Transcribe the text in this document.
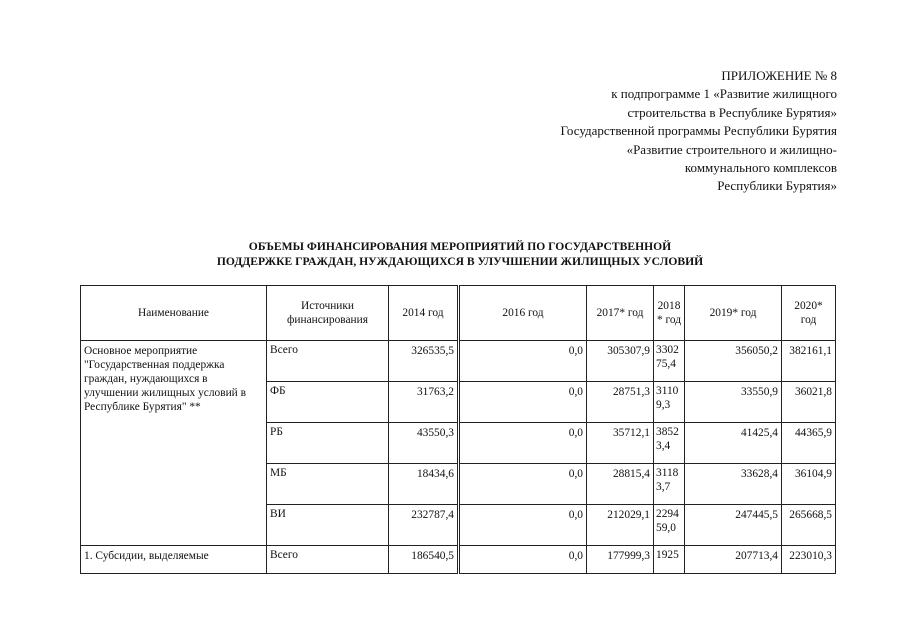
ПРИЛОЖЕНИЕ № 8
к подпрограмме 1 «Развитие жилищного
строительства в Республике Бурятия»
Государственной программы Республики Бурятия
«Развитие строительного и жилищно-
коммунального комплексов
Республики Бурятия»
ОБЪЕМЫ ФИНАНСИРОВАНИЯ МЕРОПРИЯТИЙ ПО ГОСУДАРСТВЕННОЙ
ПОДДЕРЖКЕ ГРАЖДАН, НУЖДАЮЩИХСЯ В УЛУЧШЕНИИ ЖИЛИЩНЫХ УСЛОВИЙ
Наименование	Источники финансирования	2014 год	2016 год	2017* год	2018 * год	2019* год	2020* год
Основное мероприятие "Государственная поддержка граждан, нуждающихся в улучшении жилищных условий в Республике Бурятия" **	Всего	326535,5	0,0	305307,9	330275,4	356050,2	382161,1
	ФБ	31763,2	0,0	28751,3	31109,3	33550,9	36021,8
	РБ	43550,3	0,0	35712,1	38523,4	41425,4	44365,9
	МБ	18434,6	0,0	28815,4	31183,7	33628,4	36104,9
	ВИ	232787,4	0,0	212029,1	229459,0	247445,5	265668,5
1. Субсидии, выделяемые	Всего	186540,5	0,0	177999,3	1925	207713,4	223010,3
